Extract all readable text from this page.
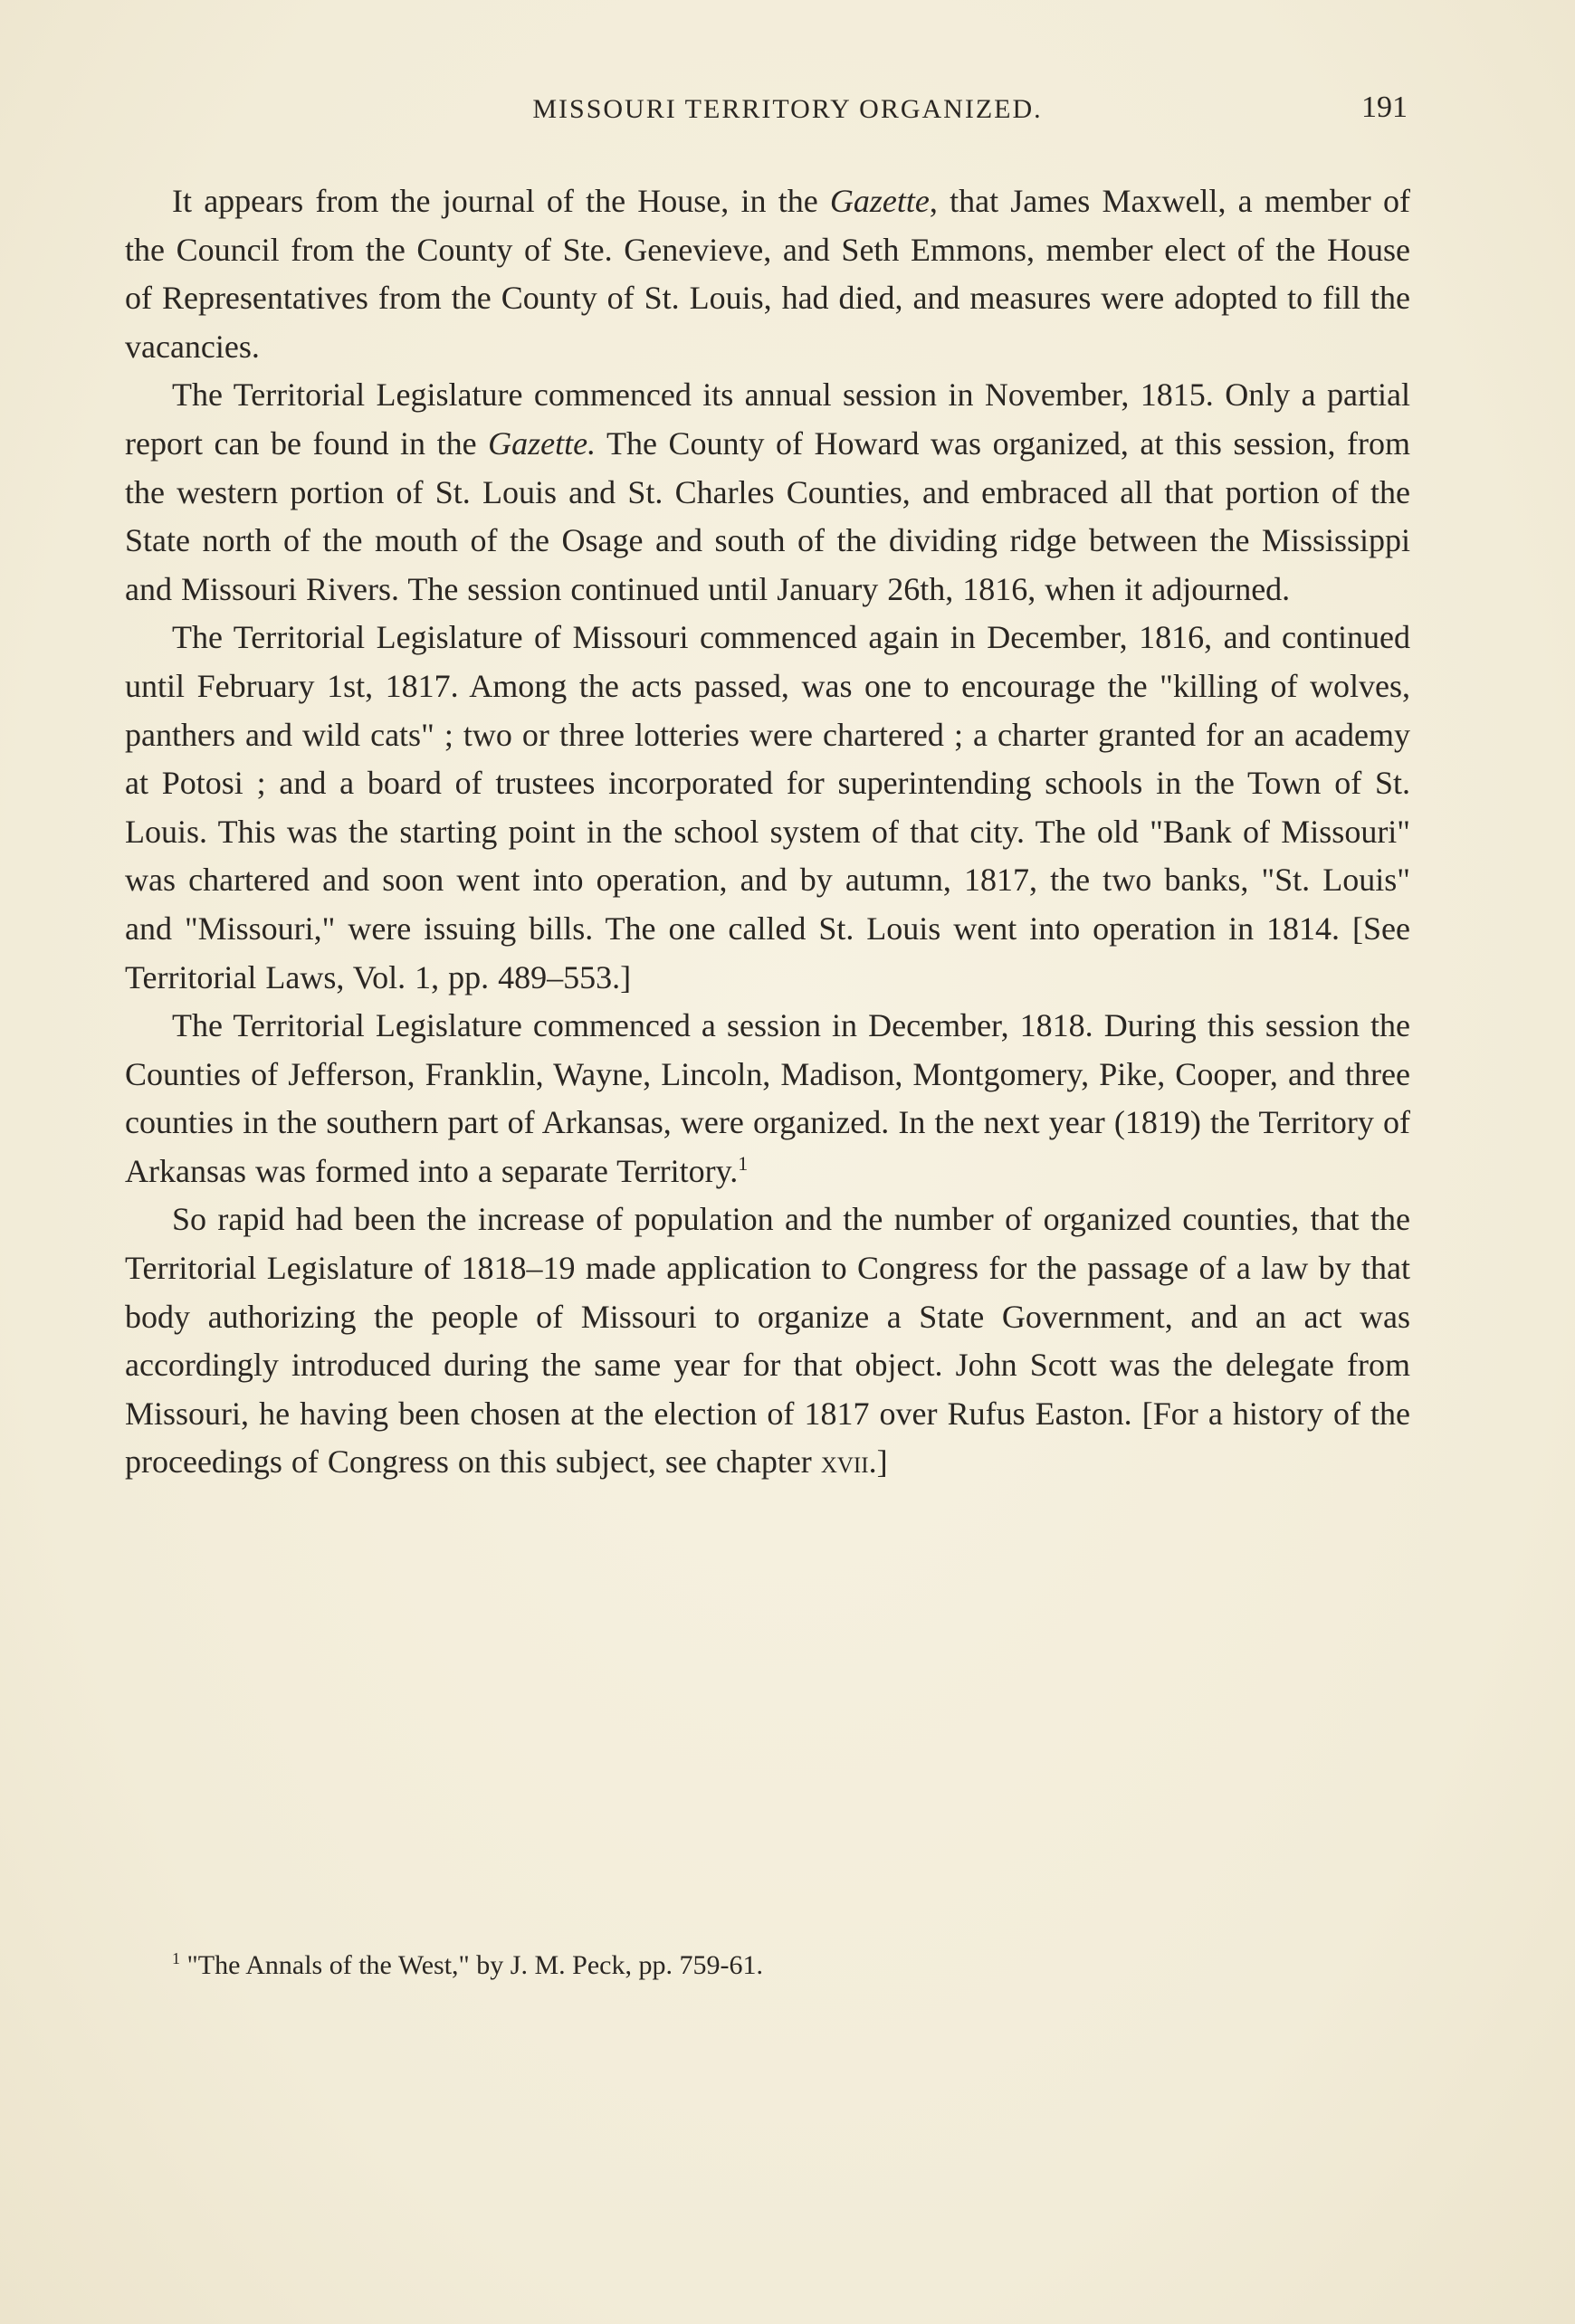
MISSOURI TERRITORY ORGANIZED.	191

It appears from the journal of the House, in the Gazette, that James Maxwell, a member of the Council from the County of Ste. Genevieve, and Seth Emmons, member elect of the House of Representatives from the County of St. Louis, had died, and measures were adopted to fill the vacancies.

The Territorial Legislature commenced its annual session in November, 1815. Only a partial report can be found in the Gazette. The County of Howard was organized, at this session, from the western portion of St. Louis and St. Charles Counties, and embraced all that portion of the State north of the mouth of the Osage and south of the dividing ridge between the Mississippi and Missouri Rivers. The session continued until January 26th, 1816, when it adjourned.

The Territorial Legislature of Missouri commenced again in December, 1816, and continued until February 1st, 1817. Among the acts passed, was one to encourage the "killing of wolves, panthers and wild cats" ; two or three lotteries were chartered ; a charter granted for an academy at Potosi ; and a board of trustees incorporated for superintending schools in the Town of St. Louis. This was the starting point in the school system of that city. The old "Bank of Missouri" was chartered and soon went into operation, and by autumn, 1817, the two banks, "St. Louis" and "Missouri," were issuing bills. The one called St. Louis went into operation in 1814. [See Territorial Laws, Vol. 1, pp. 489–553.]

The Territorial Legislature commenced a session in December, 1818. During this session the Counties of Jefferson, Franklin, Wayne, Lincoln, Madison, Montgomery, Pike, Cooper, and three counties in the southern part of Arkansas, were organized. In the next year (1819) the Territory of Arkansas was formed into a separate Territory.$^1$

So rapid had been the increase of population and the number of organized counties, that the Territorial Legislature of 1818–19 made application to Congress for the passage of a law by that body authorizing the people of Missouri to organize a State Government, and an act was accordingly introduced during the same year for that object. John Scott was the delegate from Missouri, he having been chosen at the election of 1817 over Rufus Easton. [For a history of the proceedings of Congress on this subject, see chapter xvii.]

$^1$ "The Annals of the West," by J. M. Peck, pp. 759-61.
